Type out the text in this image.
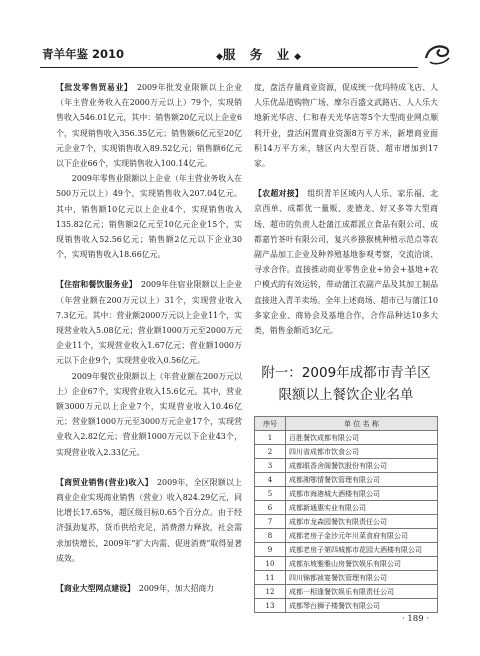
青羊年鉴 2010	◆服 务 业◆

【批发零售贸易业】　 2009年批发业限额以上企业（年主营业务收入在2000万元以上）79个，实现销售收入546.01亿元，其中：销售额20亿元以上企业6个，实现销售收入356.35亿元；销售额6亿元至20亿元企业7个，实现销售收入89.52亿元；销售额6亿元以下企业66个，实现销售收入100.14亿元。

2009年零售业限额以上企业（年主营业务收入在500万元以上）49个，实现销售收入207.04亿元。其中，销售额10亿元以上企业4个，实现销售收入135.82亿元；销售额2亿元至10亿元企业15个，实现销售收入52.56亿元；销售额2亿元以下企业30个，实现销售收入18.66亿元。

【住宿和餐饮服务业】　 2009年住宿业限额以上企业（年营业额在200万元以上）31个，实现营业收入7.3亿元。其中：营业额2000万元以上企业11个，实现营业收入5.08亿元；营业额1000万元至2000万元企业11个，实现营业收入1.67亿元；营业额1000万元以下企业9个，实现营业收入0.56亿元。

2009年餐饮业限额以上（年营业额在200万元以上）企业67个，实现营业收入15.6亿元。其中，营业额3000万元以上企业7个，实现营业收入10.46亿元；营业额1000万元至3000万元企业17个，实现营业收入2.82亿元；营业额1000万元以下企业43个，实现营业收入2.33亿元。

【商贸业销售(营业)收入】　 2009年，全区限额以上商业企业实现商业销售（营业）收入824.29亿元，同比增长17.65%，超区级目标0.65个百分点。由于经济强劲复苏，货币供给充足，消费潜力释放，社会需求加快增长，2009年“扩大内需、促进消费”取得显著成效。

【商业大型网点建设】　 2009年，加大招商力

度，盘活存量商业资源，促成统一优玛特成飞店、人人乐优品道购物广场、摩尔百盛文武路店、人人乐大地新光华店、仁和春天光华店等5个大型商业网点顺利开业，盘活闲置商业资源8万平方米，新增商业面积14万平方米，辖区内大型百货、超市增加到17家。

【农超对接】　 组织青羊区域内人人乐、家乐福、北京西单、成都优一量贩、麦德龙、好又多等大型商场、超市的负责人赴蒲江成都派立食品有限公司、成都嘉竹茶叶有限公司，复兴乡猕猴桃种植示范点等农副产品加工企业及种养殖基地参观考察，交流洽谈、寻求合作。直接推动商业零售企业+协会+基地+农户模式的有效运转，带动蒲江农副产品及其加工制品直接进入青羊卖场。全年上述商场、超市已与蒲江10多家企业、商协会及基地合作，合作品种达10多大类，销售金额近3亿元。

附一：2009年成都市青羊区
限额以上餐饮企业名单
序号	单 位 名 称
1	百胜餐饮成都有限公司
2	四川省成都市饮食公司
3	成都眼香舍阁餐饮股份有限公司
4	成都湘鄂情餐饮管理有限公司
5	成都市海港城大酒楼有限公司
6	成都新通惠实业有限公司
7	成都市龙森园餐饮有限责任公司
8	成都老房子金沙元年川菜食府有限公司
9	成都老房子第四城都市花园大酒楼有限公司
10	成都东坡雅雅山房餐饮娱乐有限公司
11	四川锦都祯宴餐饮管理有限公司
12	成都一相逢餐饮娱乐有限责任公司
13	成都琴台狮子楼餐饮有限公司
· 189 ·
